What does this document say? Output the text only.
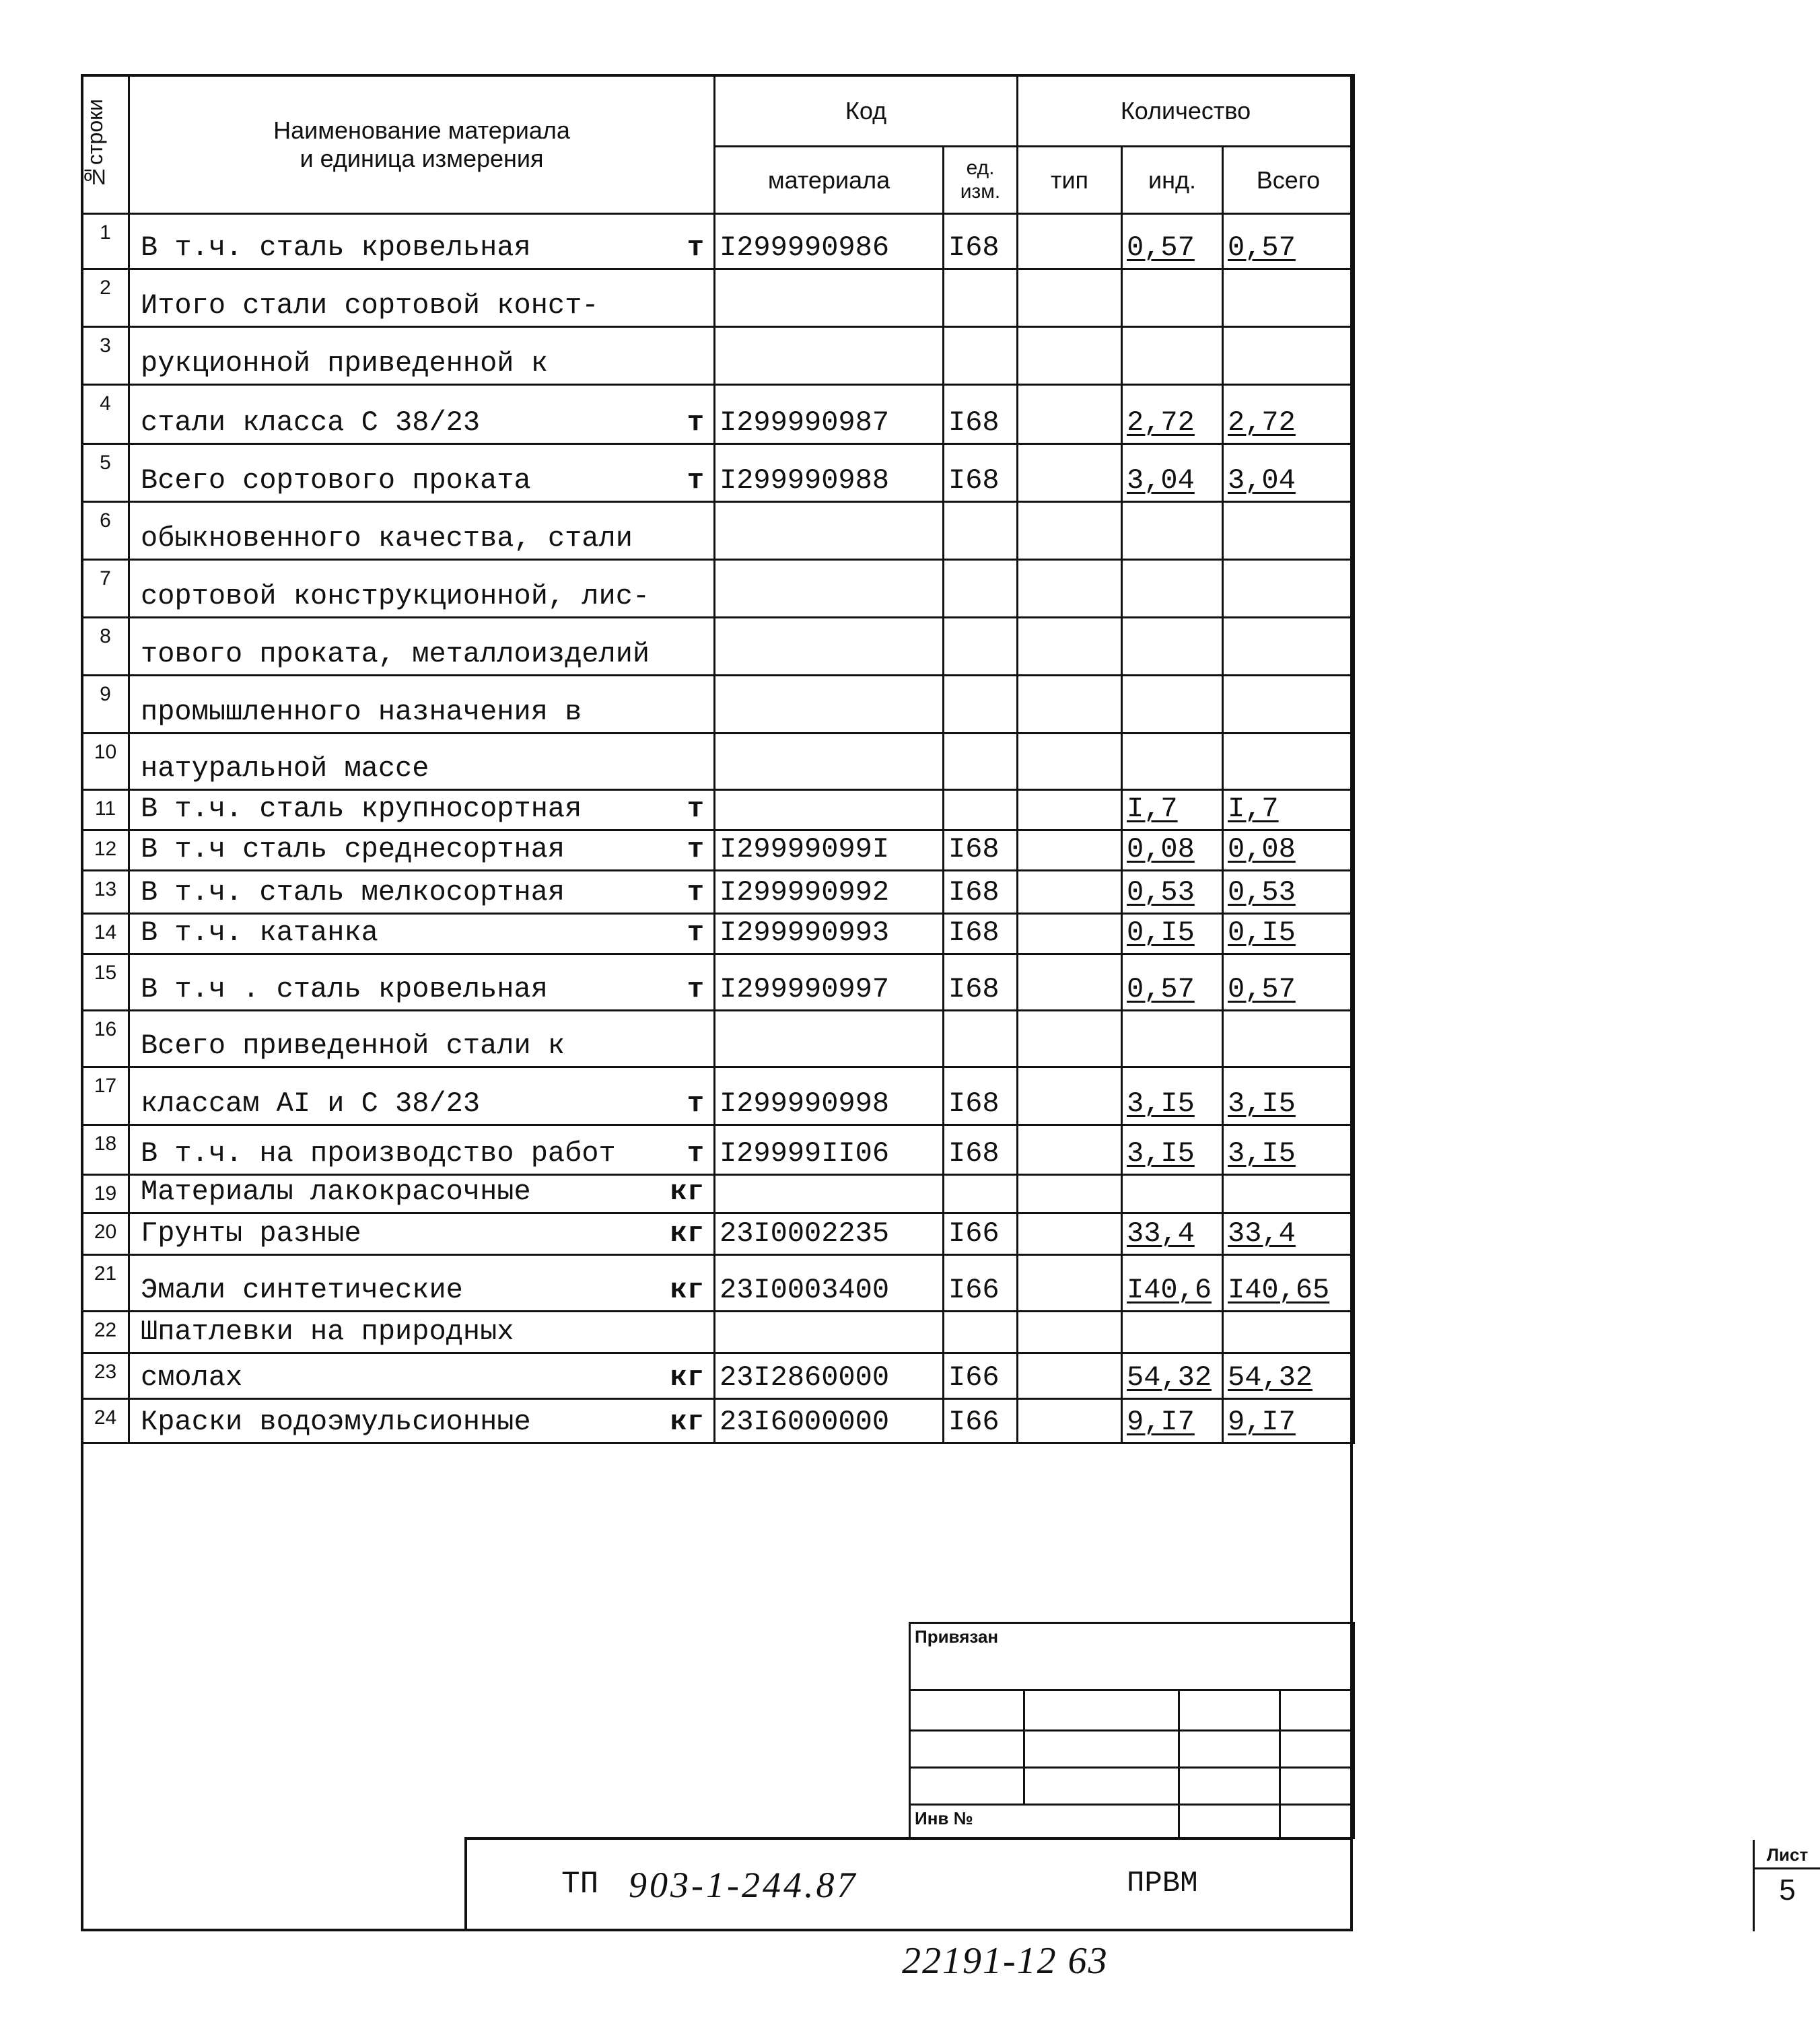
№строки	Наименование материала
и единица измерения	Код		Количество		
		материала	ед. изм.	тип	инд.	Всего
1	В т.ч. сталь кровельная т	I299990986	I68		0,57	0,57
2	Итого стали сортовой конст-					

3	рукционной приведенной к					

4	стали класса С 38/23 т	I299990987	I68		2,72	2,72
5	Всего сортового проката т	I299990988	I68		3,04	3,04
6	обыкновенного качества, стали					

7	сортовой конструкционной, лис-					

8	тового проката, металлоизделий					

9	промышленного назначения в					

10	натуральной массе					

11	В т.ч. сталь крупносортная т				I,7	I,7
12	В т.ч сталь среднесортная т	I29999099I	I68		0,08	0,08
13	В т.ч. сталь мелкосортная т	I299990992	I68		0,53	0,53
14	В т.ч. катанка т	I299990993	I68		0,I5	0,I5
15	В т.ч . сталь кровельная т	I299990997	I68		0,57	0,57
16	Всего приведенной стали к					

17	классам АI и С 38/23 т	I299990998	I68		3,I5	3,I5
18	В т.ч. на производство работ т	I29999II06	I68		3,I5	3,I5
19	Материалы лакокрасочные кг					

20	Грунты разные кг	23I0002235	I66		33,4	33,4
21	Эмали синтетические кг	23I0003400	I66		I40,6	I40,65
22	Шпатлевки на природных					

23	смолах кг	23I2860000	I66		54,32	54,32
24	Краски водоэмульсионные кг	23I6000000	I66		9,I7	9,I7
Привязан			

Инв №			
ТП 903-1-244.87	ПРВМ
Лист
5
22191-12 63
